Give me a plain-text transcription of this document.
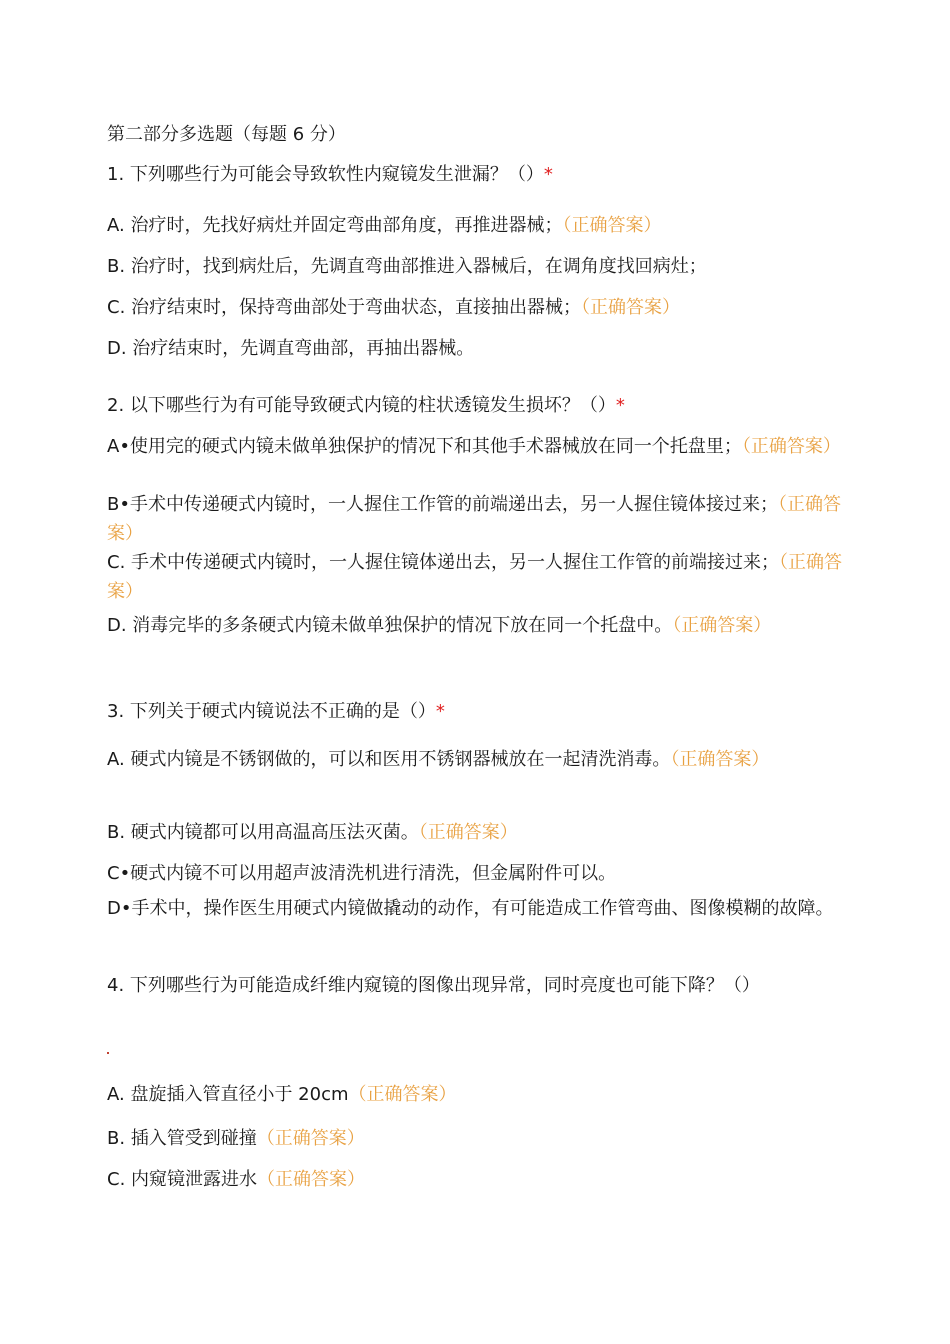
第二部分多选题（每题 6 分）
1. 下列哪些行为可能会导致软性内窥镜发生泄漏？（）*
A. 治疗时，先找好病灶并固定弯曲部角度，再推进器械；（正确答案）
B. 治疗时，找到病灶后，先调直弯曲部推进入器械后，在调角度找回病灶；
C. 治疗结束时，保持弯曲部处于弯曲状态，直接抽出器械；（正确答案）
D. 治疗结束时，先调直弯曲部，再抽出器械。
2. 以下哪些行为有可能导致硬式内镜的柱状透镜发生损坏？（）*
A•使用完的硬式内镜未做单独保护的情况下和其他手术器械放在同一个托盘里；（正确答案）
B•手术中传递硬式内镜时，一人握住工作管的前端递出去，另一人握住镜体接过来；（正确答案）
C. 手术中传递硬式内镜时，一人握住镜体递出去，另一人握住工作管的前端接过来；（正确答案）
D. 消毒完毕的多条硬式内镜未做单独保护的情况下放在同一个托盘中。（正确答案）
3. 下列关于硬式内镜说法不正确的是（）*
A. 硬式内镜是不锈钢做的，可以和医用不锈钢器械放在一起清洗消毒。（正确答案）
B. 硬式内镜都可以用高温高压法灭菌。（正确答案）
C•硬式内镜不可以用超声波清洗机进行清洗，但金属附件可以。
D•手术中，操作医生用硬式内镜做撬动的动作，有可能造成工作管弯曲、图像模糊的故障。
4. 下列哪些行为可能造成纤维内窥镜的图像出现异常，同时亮度也可能下降？（）
A. 盘旋插入管直径小于 20cm（正确答案）
B. 插入管受到碰撞（正确答案）
C. 内窥镜泄露进水（正确答案）
